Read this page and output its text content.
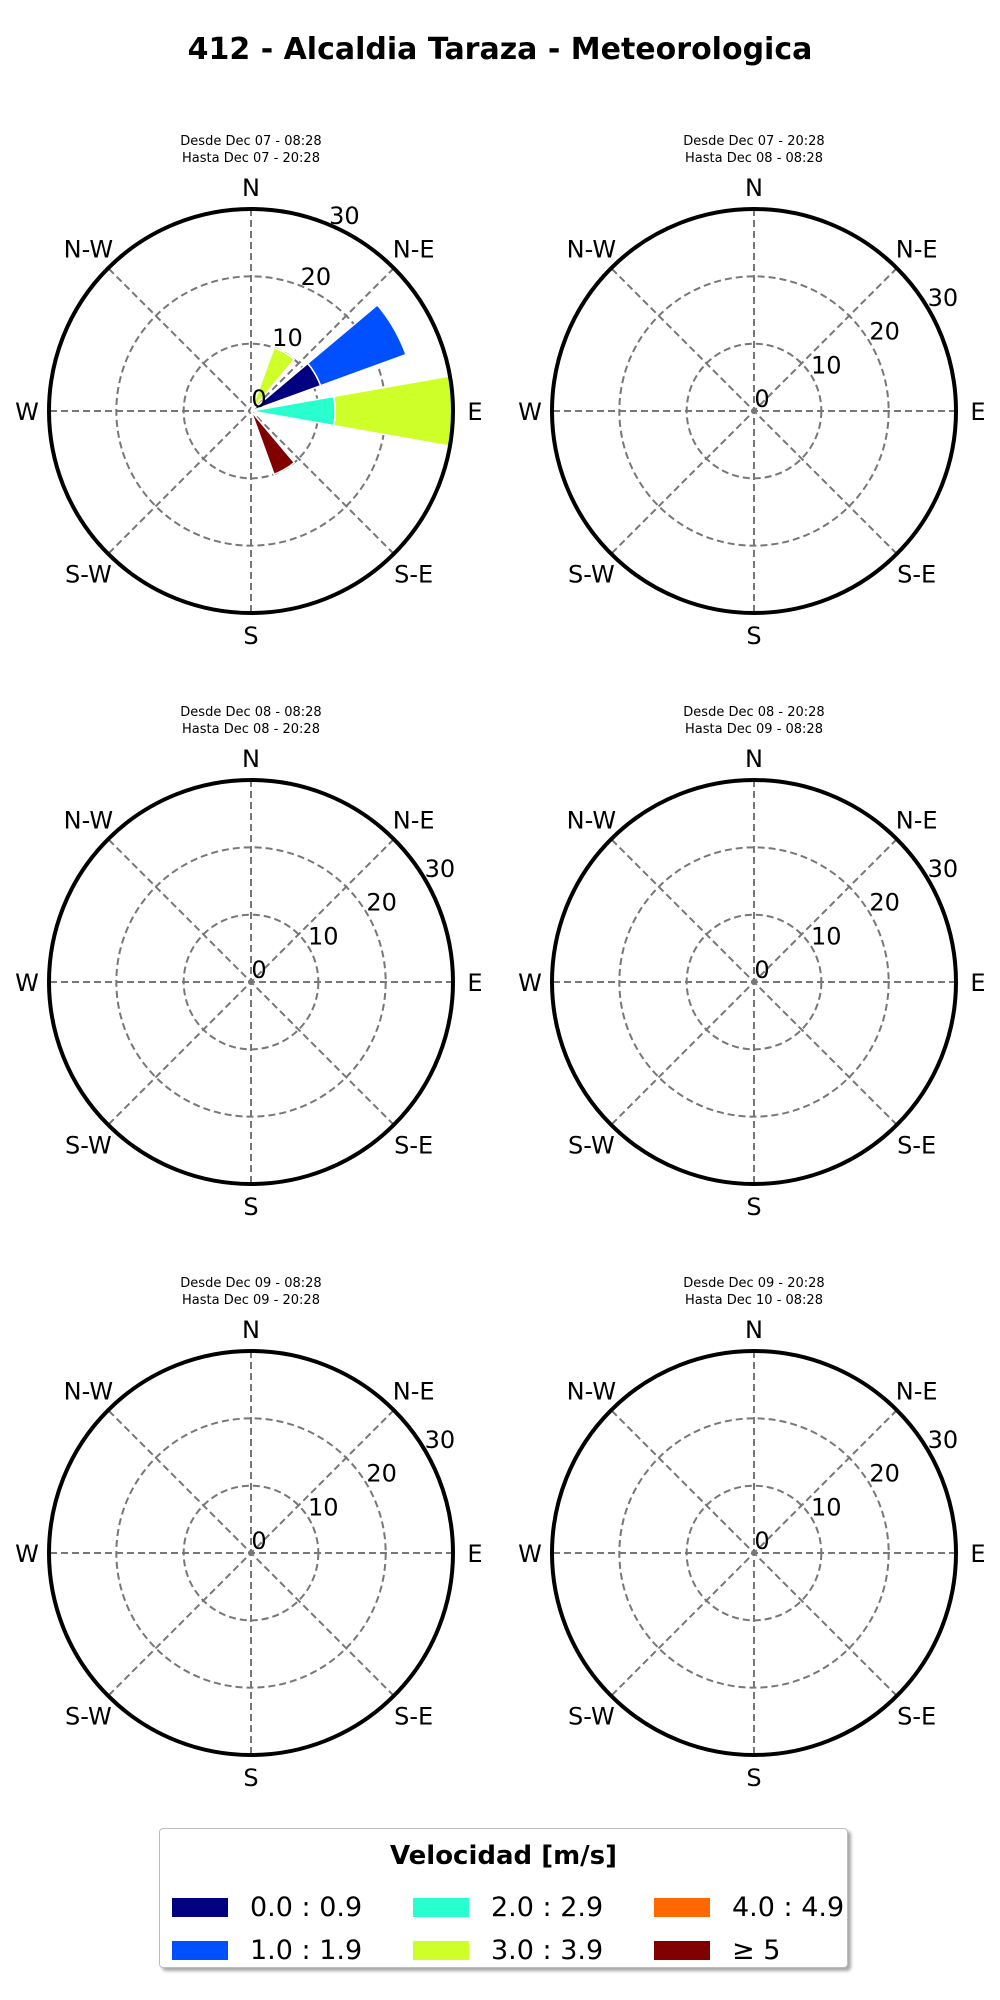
412 - Alcaldia Taraza - Meteorologica
Desde Dec 07 - 08:28
Hasta Dec 07 - 20:28
N
N-E
E
S-E
S
S-W
W
N-W
0
10
20
30
Desde Dec 07 - 20:28
Hasta Dec 08 - 08:28
N
N-E
E
S-E
S
S-W
W
N-W
0
10
20
30
Desde Dec 08 - 08:28
Hasta Dec 08 - 20:28
N
N-E
E
S-E
S
S-W
W
N-W
0
10
20
30
Desde Dec 08 - 20:28
Hasta Dec 09 - 08:28
N
N-E
E
S-E
S
S-W
W
N-W
0
10
20
30
Desde Dec 09 - 08:28
Hasta Dec 09 - 20:28
N
N-E
E
S-E
S
S-W
W
N-W
0
10
20
30
Desde Dec 09 - 20:28
Hasta Dec 10 - 08:28
N
N-E
E
S-E
S
S-W
W
N-W
0
10
20
30
Velocidad [m/s]
0.0 : 0.9
1.0 : 1.9
2.0 : 2.9
3.0 : 3.9
4.0 : 4.9
≥ 5
